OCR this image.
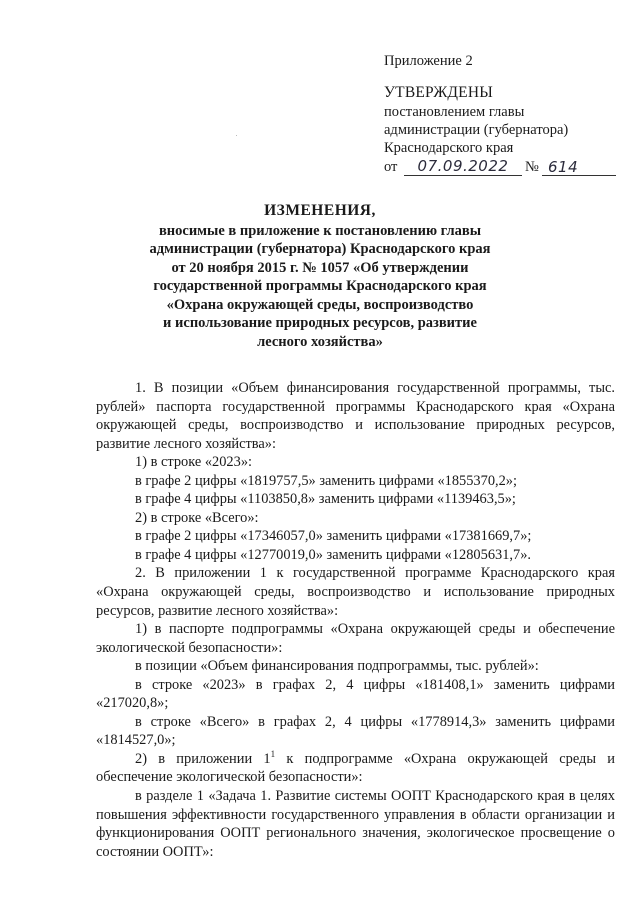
Приложение 2
УТВЕРЖДЕНЫ
постановлением главы
администрации (губернатора)
Краснодарского края
от	07.09.2022	№ 614
ИЗМЕНЕНИЯ,
вносимые в приложение к постановлению главы
администрации (губернатора) Краснодарского края
от 20 ноября 2015 г. № 1057 «Об утверждении
государственной программы Краснодарского края
«Охрана окружающей среды, воспроизводство
и использование природных ресурсов, развитие
лесного хозяйства»

1. В позиции «Объем финансирования государственной программы, тыс. рублей» паспорта государственной программы Краснодарского края «Охрана окружающей среды, воспроизводство и использование природных ресурсов, развитие лесного хозяйства»:

1) в строке «2023»:

в графе 2 цифры «1819757,5» заменить цифрами «1855370,2»;

в графе 4 цифры «1103850,8» заменить цифрами «1139463,5»;

2) в строке «Всего»:

в графе 2 цифры «17346057,0» заменить цифрами «17381669,7»;

в графе 4 цифры «12770019,0» заменить цифрами «12805631,7».

2. В приложении 1 к государственной программе Краснодарского края «Охрана окружающей среды, воспроизводство и использование природных ресурсов, развитие лесного хозяйства»:

1) в паспорте подпрограммы «Охрана окружающей среды и обеспечение экологической безопасности»:

в позиции «Объем финансирования подпрограммы, тыс. рублей»:

в строке «2023» в графах 2, 4 цифры «181408,1» заменить цифрами «217020,8»;

в строке «Всего» в графах 2, 4 цифры «1778914,3» заменить цифрами «1814527,0»;

2) в приложении $1^1$ к подпрограмме «Охрана окружающей среды и обеспечение экологической безопасности»:

в разделе 1 «Задача 1. Развитие системы ООПТ Краснодарского края в целях повышения эффективности государственного управления в области организации и функционирования ООПТ регионального значения, экологическое просвещение о состоянии ООПТ»:
